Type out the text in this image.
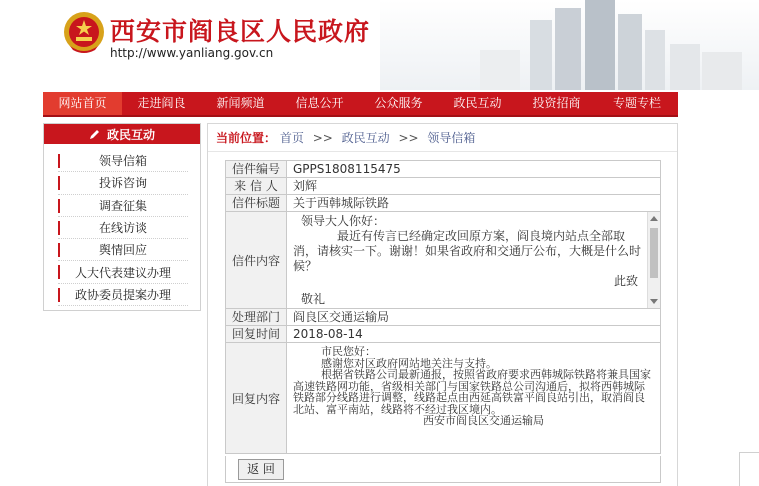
西安市阎良区人民政府
http://www.yanliang.gov.cn
网站首页	走进阎良	新闻频道	信息公开	公众服务	政民互动	投资招商	专题专栏
政民互动
领导信箱
投诉咨询
调查征集
在线访谈
舆情回应
人大代表建议办理
政协委员提案办理
当前位置： 首页 >> 政民互动 >> 领导信箱
信件编号	GPPS1808115475
来 信 人	刘辉
信件标题	关于西韩城际铁路
信件内容	领导大人你好：
最近有传言已经确定改回原方案，阎良境内站点全部取消，请核实一下。谢谢！如果省政府和交通厅公布，大概是什么时候？
此致
敬礼

处理部门	阎良区交通运输局
回复时间	2018-08-14
回复内容	市民您好：

感谢您对区政府网站地关注与支持。

根据省铁路公司最新通报，按照省政府要求西韩城际铁路将兼具国家高速铁路网功能，省级相关部门与国家铁路总公司沟通后，拟将西韩城际铁路部分线路进行调整，线路起点由西延高铁富平阎良站引出，取消阎良北站、富平南站，线路将不经过我区境内。

西安市阎良区交通运输局

返 回
